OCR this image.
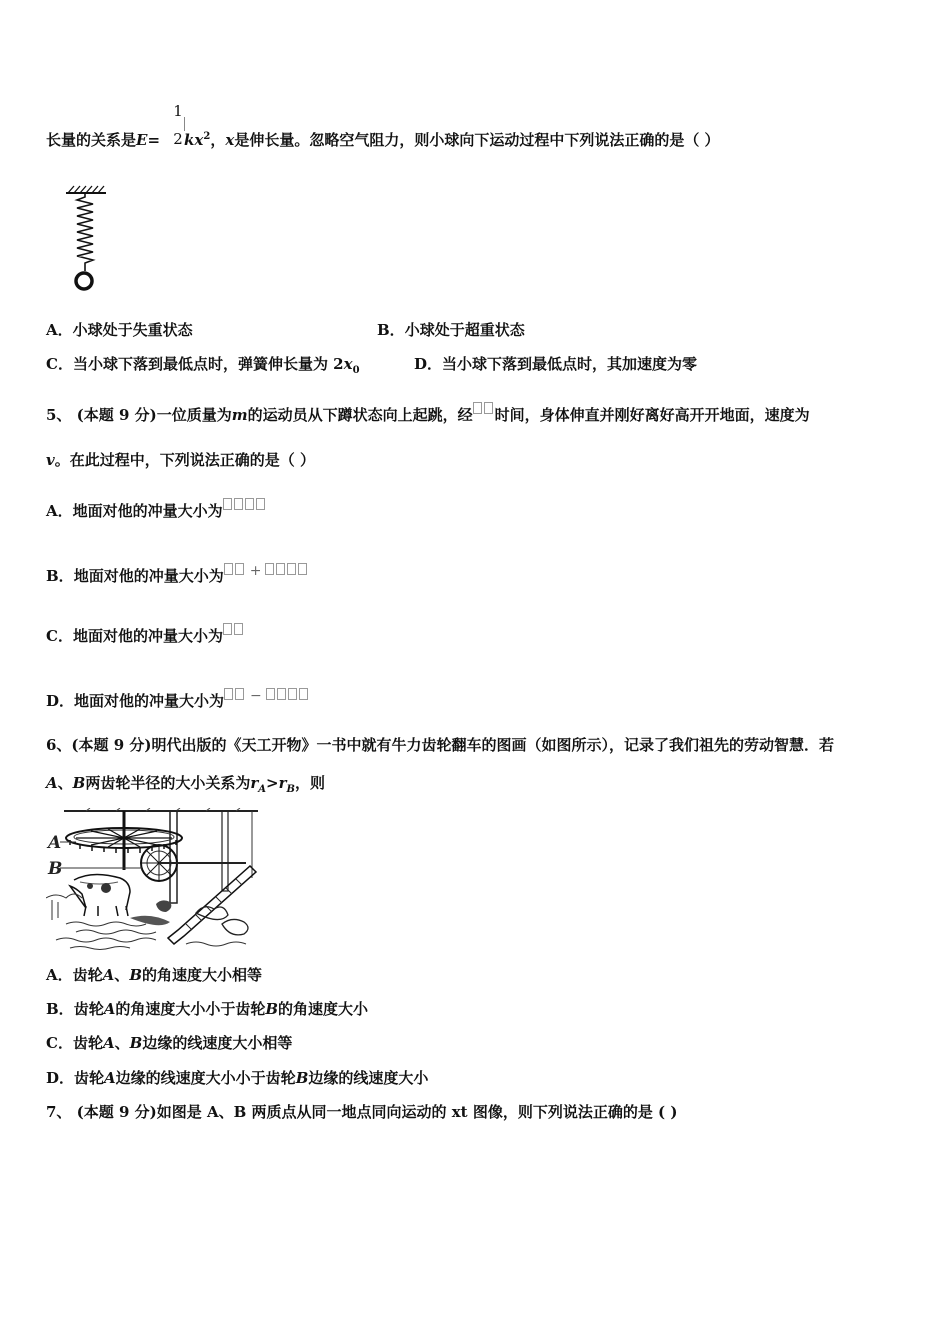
1
2
长量的关系是$E= kx^2$，x是伸长量。忽略空气阻力，则小球向下运动过程中下列说法正确的是（ ）
A．小球处于失重状态	B．小球处于超重状态
C．当小球下落到最低点时，弹簧伸长量为 $2x_0$	D．当小球下落到最低点时，其加速度为零
5、 (本题 9 分)一位质量为m的运动员从下蹲状态向上起跳，经 时间，身体伸直并刚好离好高开开地面，速度为
v。在此过程中，下列说法正确的是（ ）
A．地面对他的冲量大小为
B．地面对他的冲量大小为 +
C．地面对他的冲量大小为
D．地面对他的冲量大小为 −
6、(本题 9 分)明代出版的《天工开物》一书中就有牛力齿轮翻车的图画（如图所示），记录了我们祖先的劳动智慧．若
A、B两齿轮半径的大小关系为$r_A>r_B$，则
A
B
A．齿轮A、B的角速度大小相等
B．齿轮A的角速度大小小于齿轮B的角速度大小
C．齿轮A、B边缘的线速度大小相等
D．齿轮A边缘的线速度大小小于齿轮B边缘的线速度大小
7、 (本题 9 分)如图是 A、B 两质点从同一地点同向运动的 xt 图像，则下列说法正确的是 ( )
